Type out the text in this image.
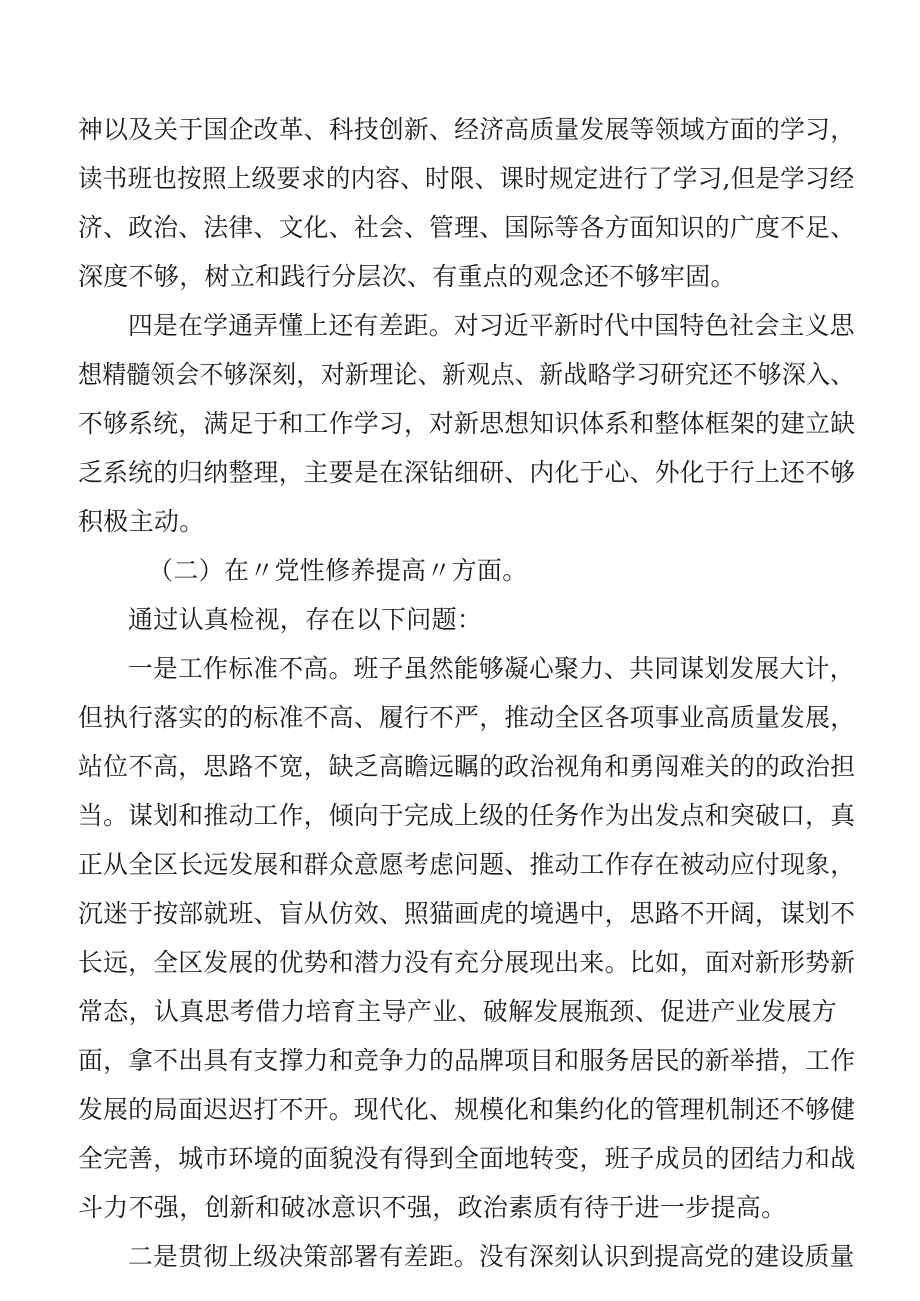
神以及关于国企改革、科技创新、经济高质量发展等领域方面的学习，
读书班也按照上级要求的内容、时限、课时规定进行了学习,但是学习经
济、政治、法律、文化、社会、管理、国际等各方面知识的广度不足、
深度不够，树立和践行分层次、有重点的观念还不够牢固。
四是在学通弄懂上还有差距。对习近平新时代中国特色社会主义思
想精髓领会不够深刻，对新理论、新观点、新战略学习研究还不够深入、
不够系统，满足于和工作学习，对新思想知识体系和整体框架的建立缺
乏系统的归纳整理，主要是在深钻细研、内化于心、外化于行上还不够
积极主动。
（二）在〃党性修养提高〃方面。
通过认真检视，存在以下问题：
一是工作标准不高。班子虽然能够凝心聚力、共同谋划发展大计，
但执行落实的的标准不高、履行不严，推动全区各项事业高质量发展，
站位不高，思路不宽，缺乏高瞻远瞩的政治视角和勇闯难关的的政治担
当。谋划和推动工作，倾向于完成上级的任务作为出发点和突破口，真
正从全区长远发展和群众意愿考虑问题、推动工作存在被动应付现象，
沉迷于按部就班、盲从仿效、照猫画虎的境遇中，思路不开阔，谋划不
长远，全区发展的优势和潜力没有充分展现出来。比如，面对新形势新
常态，认真思考借力培育主导产业、破解发展瓶颈、促进产业发展方
面，拿不出具有支撑力和竞争力的品牌项目和服务居民的新举措，工作
发展的局面迟迟打不开。现代化、规模化和集约化的管理机制还不够健
全完善，城市环境的面貌没有得到全面地转变，班子成员的团结力和战
斗力不强，创新和破冰意识不强，政治素质有待于进一步提高。
二是贯彻上级决策部署有差距。没有深刻认识到提高党的建设质量
